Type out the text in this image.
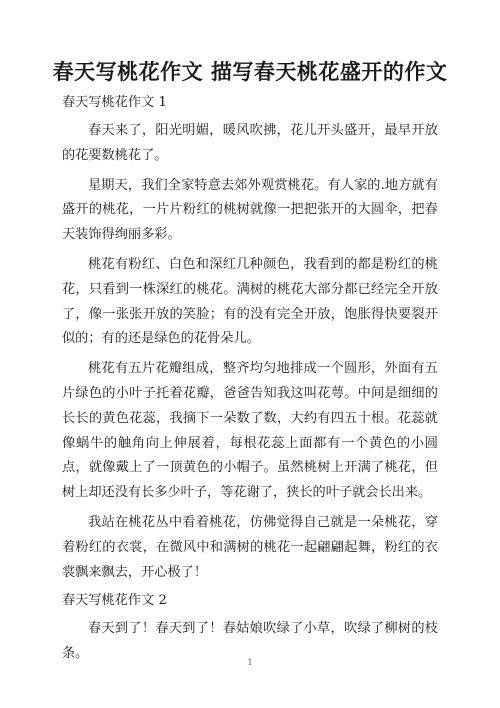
春天写桃花作文 描写春天桃花盛开的作文
春天写桃花作文 1

春天来了，阳光明媚，暖风吹拂，花儿开头盛开，最早开放的花要数桃花了。

星期天，我们全家特意去郊外观赏桃花。有人家的.地方就有盛开的桃花，一片片粉红的桃树就像一把把张开的大圆伞，把春天装饰得绚丽多彩。

桃花有粉红、白色和深红几种颜色，我看到的都是粉红的桃花，只看到一株深红的桃花。满树的桃花大部分都已经完全开放了，像一张张开放的笑脸；有的没有完全开放，饱胀得快要裂开似的；有的还是绿色的花骨朵儿。

桃花有五片花瓣组成，整齐均匀地排成一个圆形，外面有五片绿色的小叶子托着花瓣，爸爸告知我这叫花萼。中间是细细的长长的黄色花蕊，我摘下一朵数了数，大约有四五十根。花蕊就像蜗牛的触角向上伸展着，每根花蕊上面都有一个黄色的小圆点，就像戴上了一顶黄色的小帽子。虽然桃树上开满了桃花，但树上却还没有长多少叶子，等花谢了，狭长的叶子就会长出来。

我站在桃花丛中看着桃花，仿佛觉得自己就是一朵桃花，穿着粉红的衣裳，在微风中和满树的桃花一起翩翩起舞，粉红的衣裳飘来飘去，开心极了！

春天写桃花作文 2

春天到了！春天到了！春姑娘吹绿了小草，吹绿了柳树的枝条。

1
